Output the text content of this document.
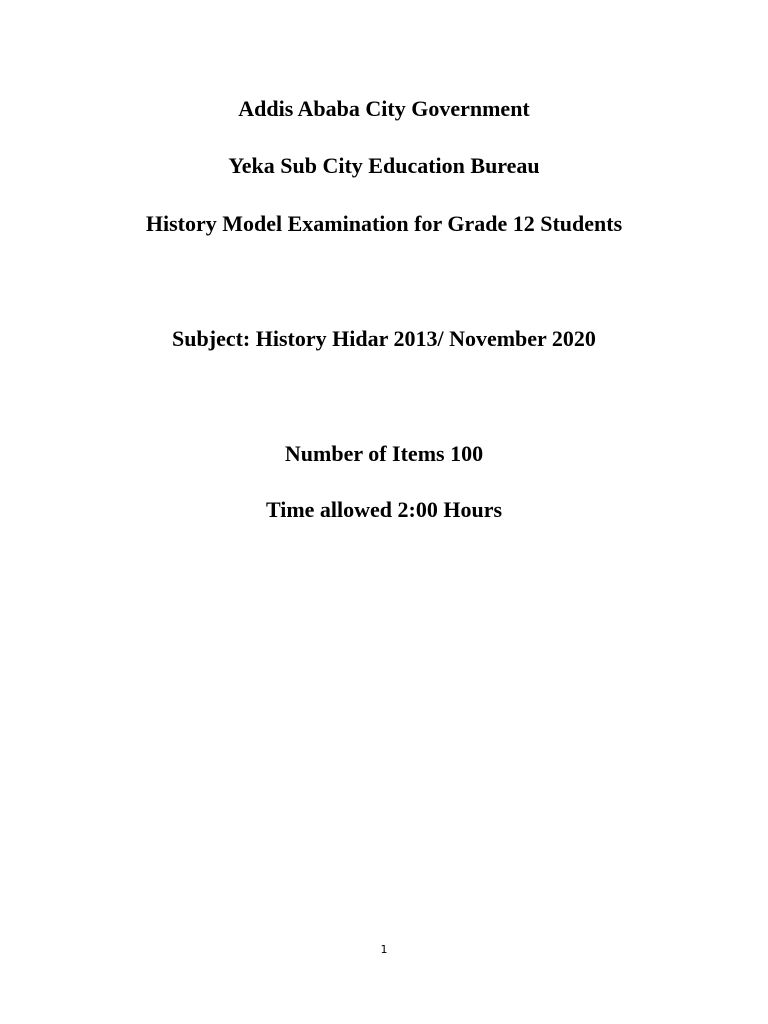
Addis Ababa City Government
Yeka Sub City Education Bureau
History Model Examination for Grade 12 Students
Subject: History Hidar 2013/ November 2020
Number of Items 100
Time allowed 2:00 Hours
1
